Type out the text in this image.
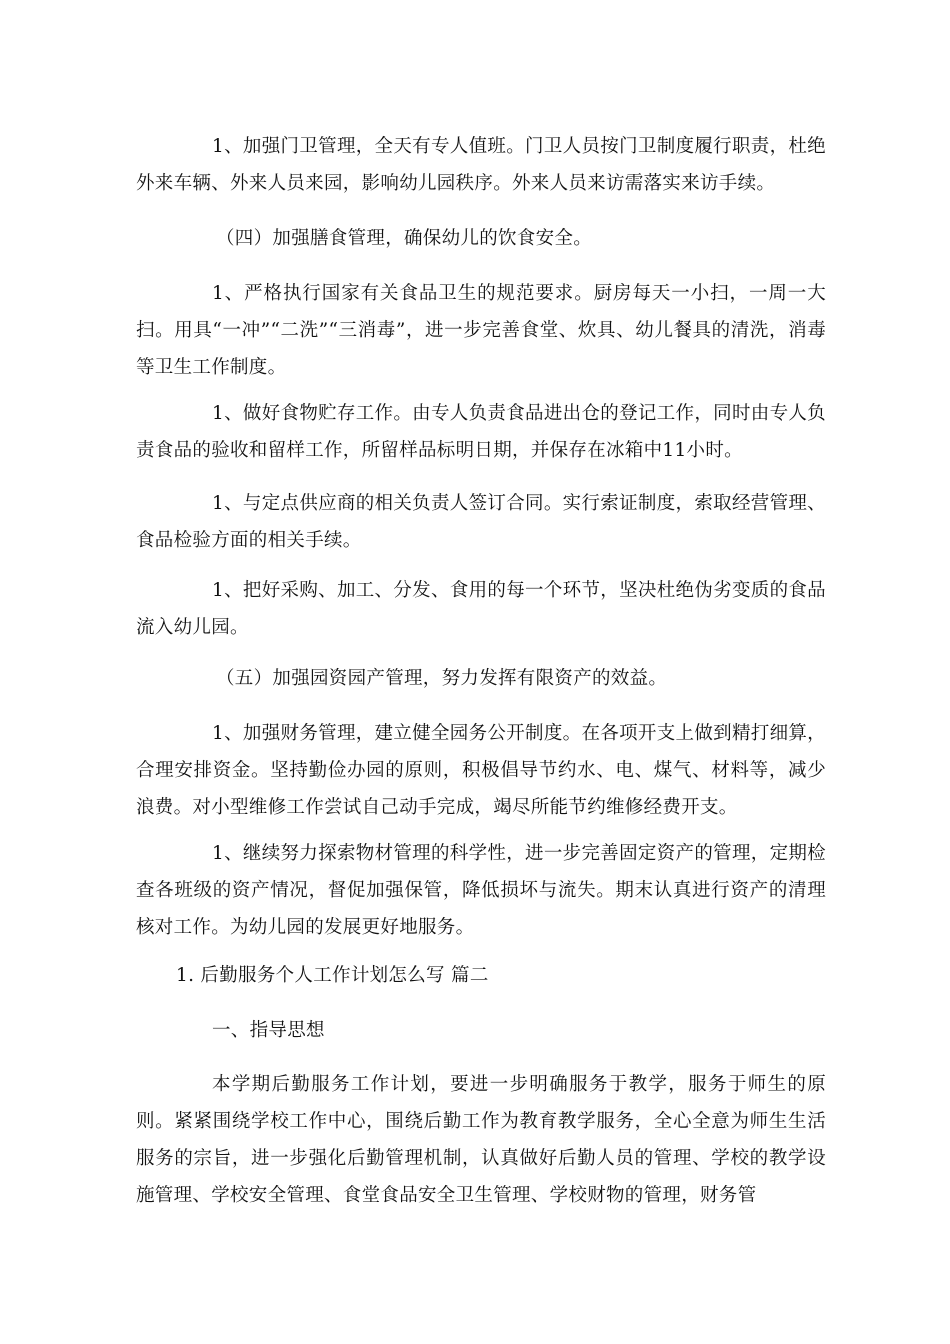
1、加强门卫管理，全天有专人值班。门卫人员按门卫制度履行职责，杜绝外来车辆、外来人员来园，影响幼儿园秩序。外来人员来访需落实来访手续。

（四）加强膳食管理，确保幼儿的饮食安全。

1、严格执行国家有关食品卫生的规范要求。厨房每天一小扫，一周一大扫。用具“一冲”“二洗”“三消毒”，进一步完善食堂、炊具、幼儿餐具的清洗，消毒等卫生工作制度。

1、做好食物贮存工作。由专人负责食品进出仓的登记工作，同时由专人负责食品的验收和留样工作，所留样品标明日期，并保存在冰箱中11小时。

1、与定点供应商的相关负责人签订合同。实行索证制度，索取经营管理、食品检验方面的相关手续。

1、把好采购、加工、分发、食用的每一个环节，坚决杜绝伪劣变质的食品流入幼儿园。

（五）加强园资园产管理，努力发挥有限资产的效益。

1、加强财务管理，建立健全园务公开制度。在各项开支上做到精打细算，合理安排资金。坚持勤俭办园的原则，积极倡导节约水、电、煤气、材料等，减少浪费。对小型维修工作尝试自己动手完成，竭尽所能节约维修经费开支。

1、继续努力探索物材管理的科学性，进一步完善固定资产的管理，定期检查各班级的资产情况，督促加强保管，降低损坏与流失。期末认真进行资产的清理核对工作。为幼儿园的发展更好地服务。

1. 后勤服务个人工作计划怎么写 篇二

一、指导思想

本学期后勤服务工作计划，要进一步明确服务于教学，服务于师生的原则。紧紧围绕学校工作中心，围绕后勤工作为教育教学服务，全心全意为师生生活服务的宗旨，进一步强化后勤管理机制，认真做好后勤人员的管理、学校的教学设施管理、学校安全管理、食堂食品安全卫生管理、学校财物的管理，财务管
